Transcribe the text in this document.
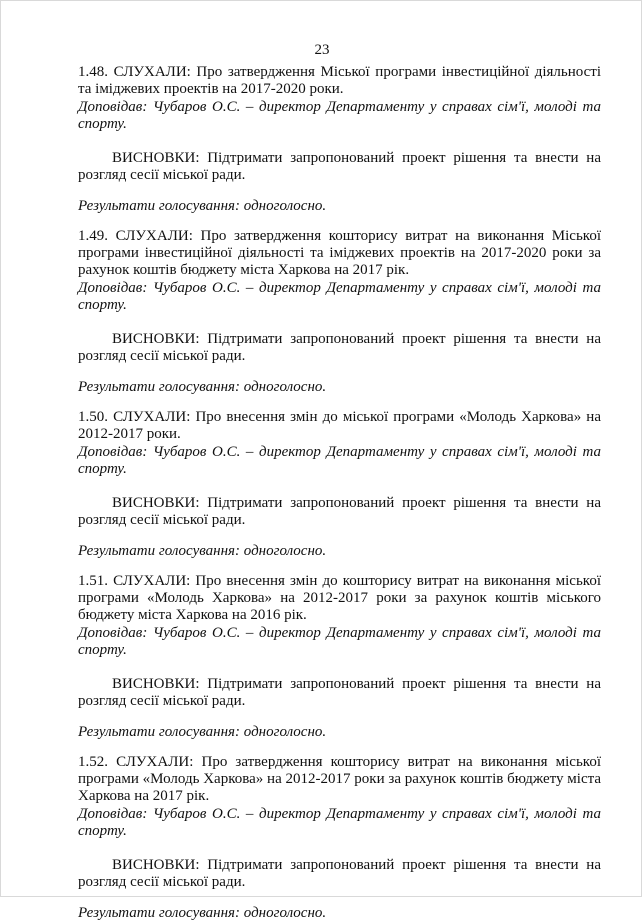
23

1.48. СЛУХАЛИ: Про затвердження Міської програми інвестиційної діяльності та іміджевих проектів на 2017-2020 роки.

Доповідав: Чубаров О.С. – директор Департаменту у справах сім'ї, молоді та спорту.

ВИСНОВКИ: Підтримати запропонований проект рішення та внести на розгляд сесії міської ради.

Результати голосування: одноголосно.

1.49. СЛУХАЛИ: Про затвердження кошторису витрат на виконання Міської програми інвестиційної діяльності та іміджевих проектів на 2017-2020 роки за рахунок коштів бюджету міста Харкова на 2017 рік.

Доповідав: Чубаров О.С. – директор Департаменту у справах сім'ї, молоді та спорту.

ВИСНОВКИ: Підтримати запропонований проект рішення та внести на розгляд сесії міської ради.

Результати голосування: одноголосно.

1.50. СЛУХАЛИ: Про внесення змін до міської програми «Молодь Харкова» на 2012-2017 роки.

Доповідав: Чубаров О.С. – директор Департаменту у справах сім'ї, молоді та спорту.

ВИСНОВКИ: Підтримати запропонований проект рішення та внести на розгляд сесії міської ради.

Результати голосування: одноголосно.

1.51. СЛУХАЛИ: Про внесення змін до кошторису витрат на виконання міської програми «Молодь Харкова» на 2012-2017 роки за рахунок коштів міського бюджету міста Харкова на 2016 рік.

Доповідав: Чубаров О.С. – директор Департаменту у справах сім'ї, молоді та спорту.

ВИСНОВКИ: Підтримати запропонований проект рішення та внести на розгляд сесії міської ради.

Результати голосування: одноголосно.

1.52. СЛУХАЛИ: Про затвердження кошторису витрат на виконання міської програми «Молодь Харкова» на 2012-2017 роки за рахунок коштів бюджету міста Харкова на 2017 рік.

Доповідав: Чубаров О.С. – директор Департаменту у справах сім'ї, молоді та спорту.

ВИСНОВКИ: Підтримати запропонований проект рішення та внести на розгляд сесії міської ради.

Результати голосування: одноголосно.
